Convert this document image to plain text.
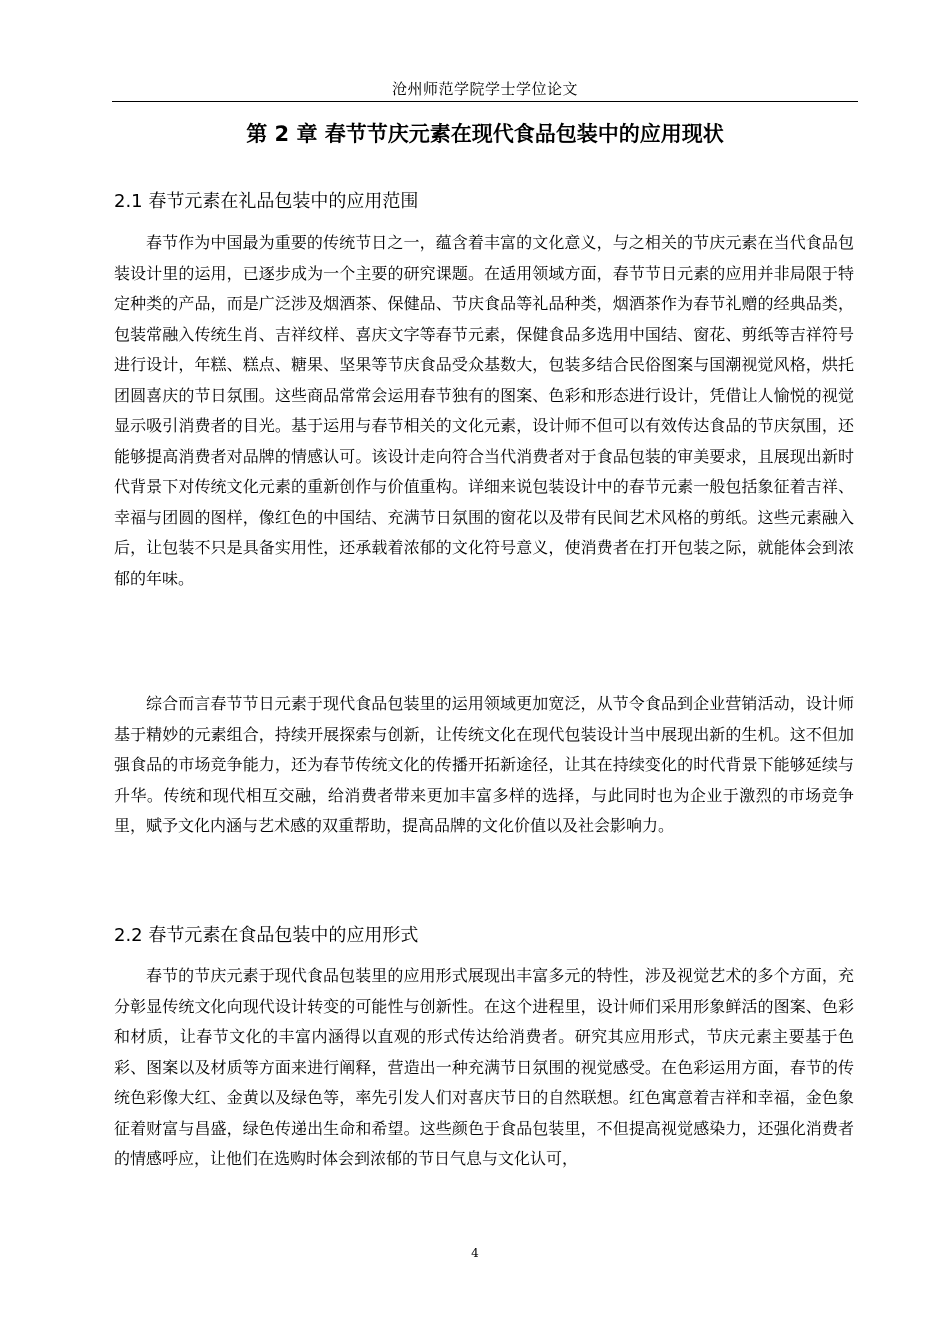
沧州师范学院学士学位论文
第 2 章 春节节庆元素在现代食品包装中的应用现状
2.1 春节元素在礼品包装中的应用范围

春节作为中国最为重要的传统节日之一，蕴含着丰富的文化意义，与之相关的节庆元素在当代食品包装设计里的运用，已逐步成为一个主要的研究课题。在适用领域方面，春节节日元素的应用并非局限于特定种类的产品，而是广泛涉及烟酒茶、保健品、节庆食品等礼品种类，烟酒茶作为春节礼赠的经典品类，包装常融入传统生肖、吉祥纹样、喜庆文字等春节元素，保健食品多选用中国结、窗花、剪纸等吉祥符号进行设计，年糕、糕点、糖果、坚果等节庆食品受众基数大，包装多结合民俗图案与国潮视觉风格，烘托团圆喜庆的节日氛围。这些商品常常会运用春节独有的图案、色彩和形态进行设计，凭借让人愉悦的视觉显示吸引消费者的目光。基于运用与春节相关的文化元素，设计师不但可以有效传达食品的节庆氛围，还能够提高消费者对品牌的情感认可。该设计走向符合当代消费者对于食品包装的审美要求，且展现出新时代背景下对传统文化元素的重新创作与价值重构。详细来说包装设计中的春节元素一般包括象征着吉祥、幸福与团圆的图样，像红色的中国结、充满节日氛围的窗花以及带有民间艺术风格的剪纸。这些元素融入后，让包装不只是具备实用性，还承载着浓郁的文化符号意义，使消费者在打开包装之际，就能体会到浓郁的年味。

综合而言春节节日元素于现代食品包装里的运用领域更加宽泛，从节令食品到企业营销活动，设计师基于精妙的元素组合，持续开展探索与创新，让传统文化在现代包装设计当中展现出新的生机。这不但加强食品的市场竞争能力，还为春节传统文化的传播开拓新途径，让其在持续变化的时代背景下能够延续与升华。传统和现代相互交融，给消费者带来更加丰富多样的选择，与此同时也为企业于激烈的市场竞争里，赋予文化内涵与艺术感的双重帮助，提高品牌的文化价值以及社会影响力。

2.2 春节元素在食品包装中的应用形式

春节的节庆元素于现代食品包装里的应用形式展现出丰富多元的特性，涉及视觉艺术的多个方面，充分彰显传统文化向现代设计转变的可能性与创新性。在这个进程里，设计师们采用形象鲜活的图案、色彩和材质，让春节文化的丰富内涵得以直观的形式传达给消费者。研究其应用形式，节庆元素主要基于色彩、图案以及材质等方面来进行阐释，营造出一种充满节日氛围的视觉感受。在色彩运用方面，春节的传统色彩像大红、金黄以及绿色等，率先引发人们对喜庆节日的自然联想。红色寓意着吉祥和幸福，金色象征着财富与昌盛，绿色传递出生命和希望。这些颜色于食品包装里，不但提高视觉感染力，还强化消费者的情感呼应，让他们在选购时体会到浓郁的节日气息与文化认可，

4
